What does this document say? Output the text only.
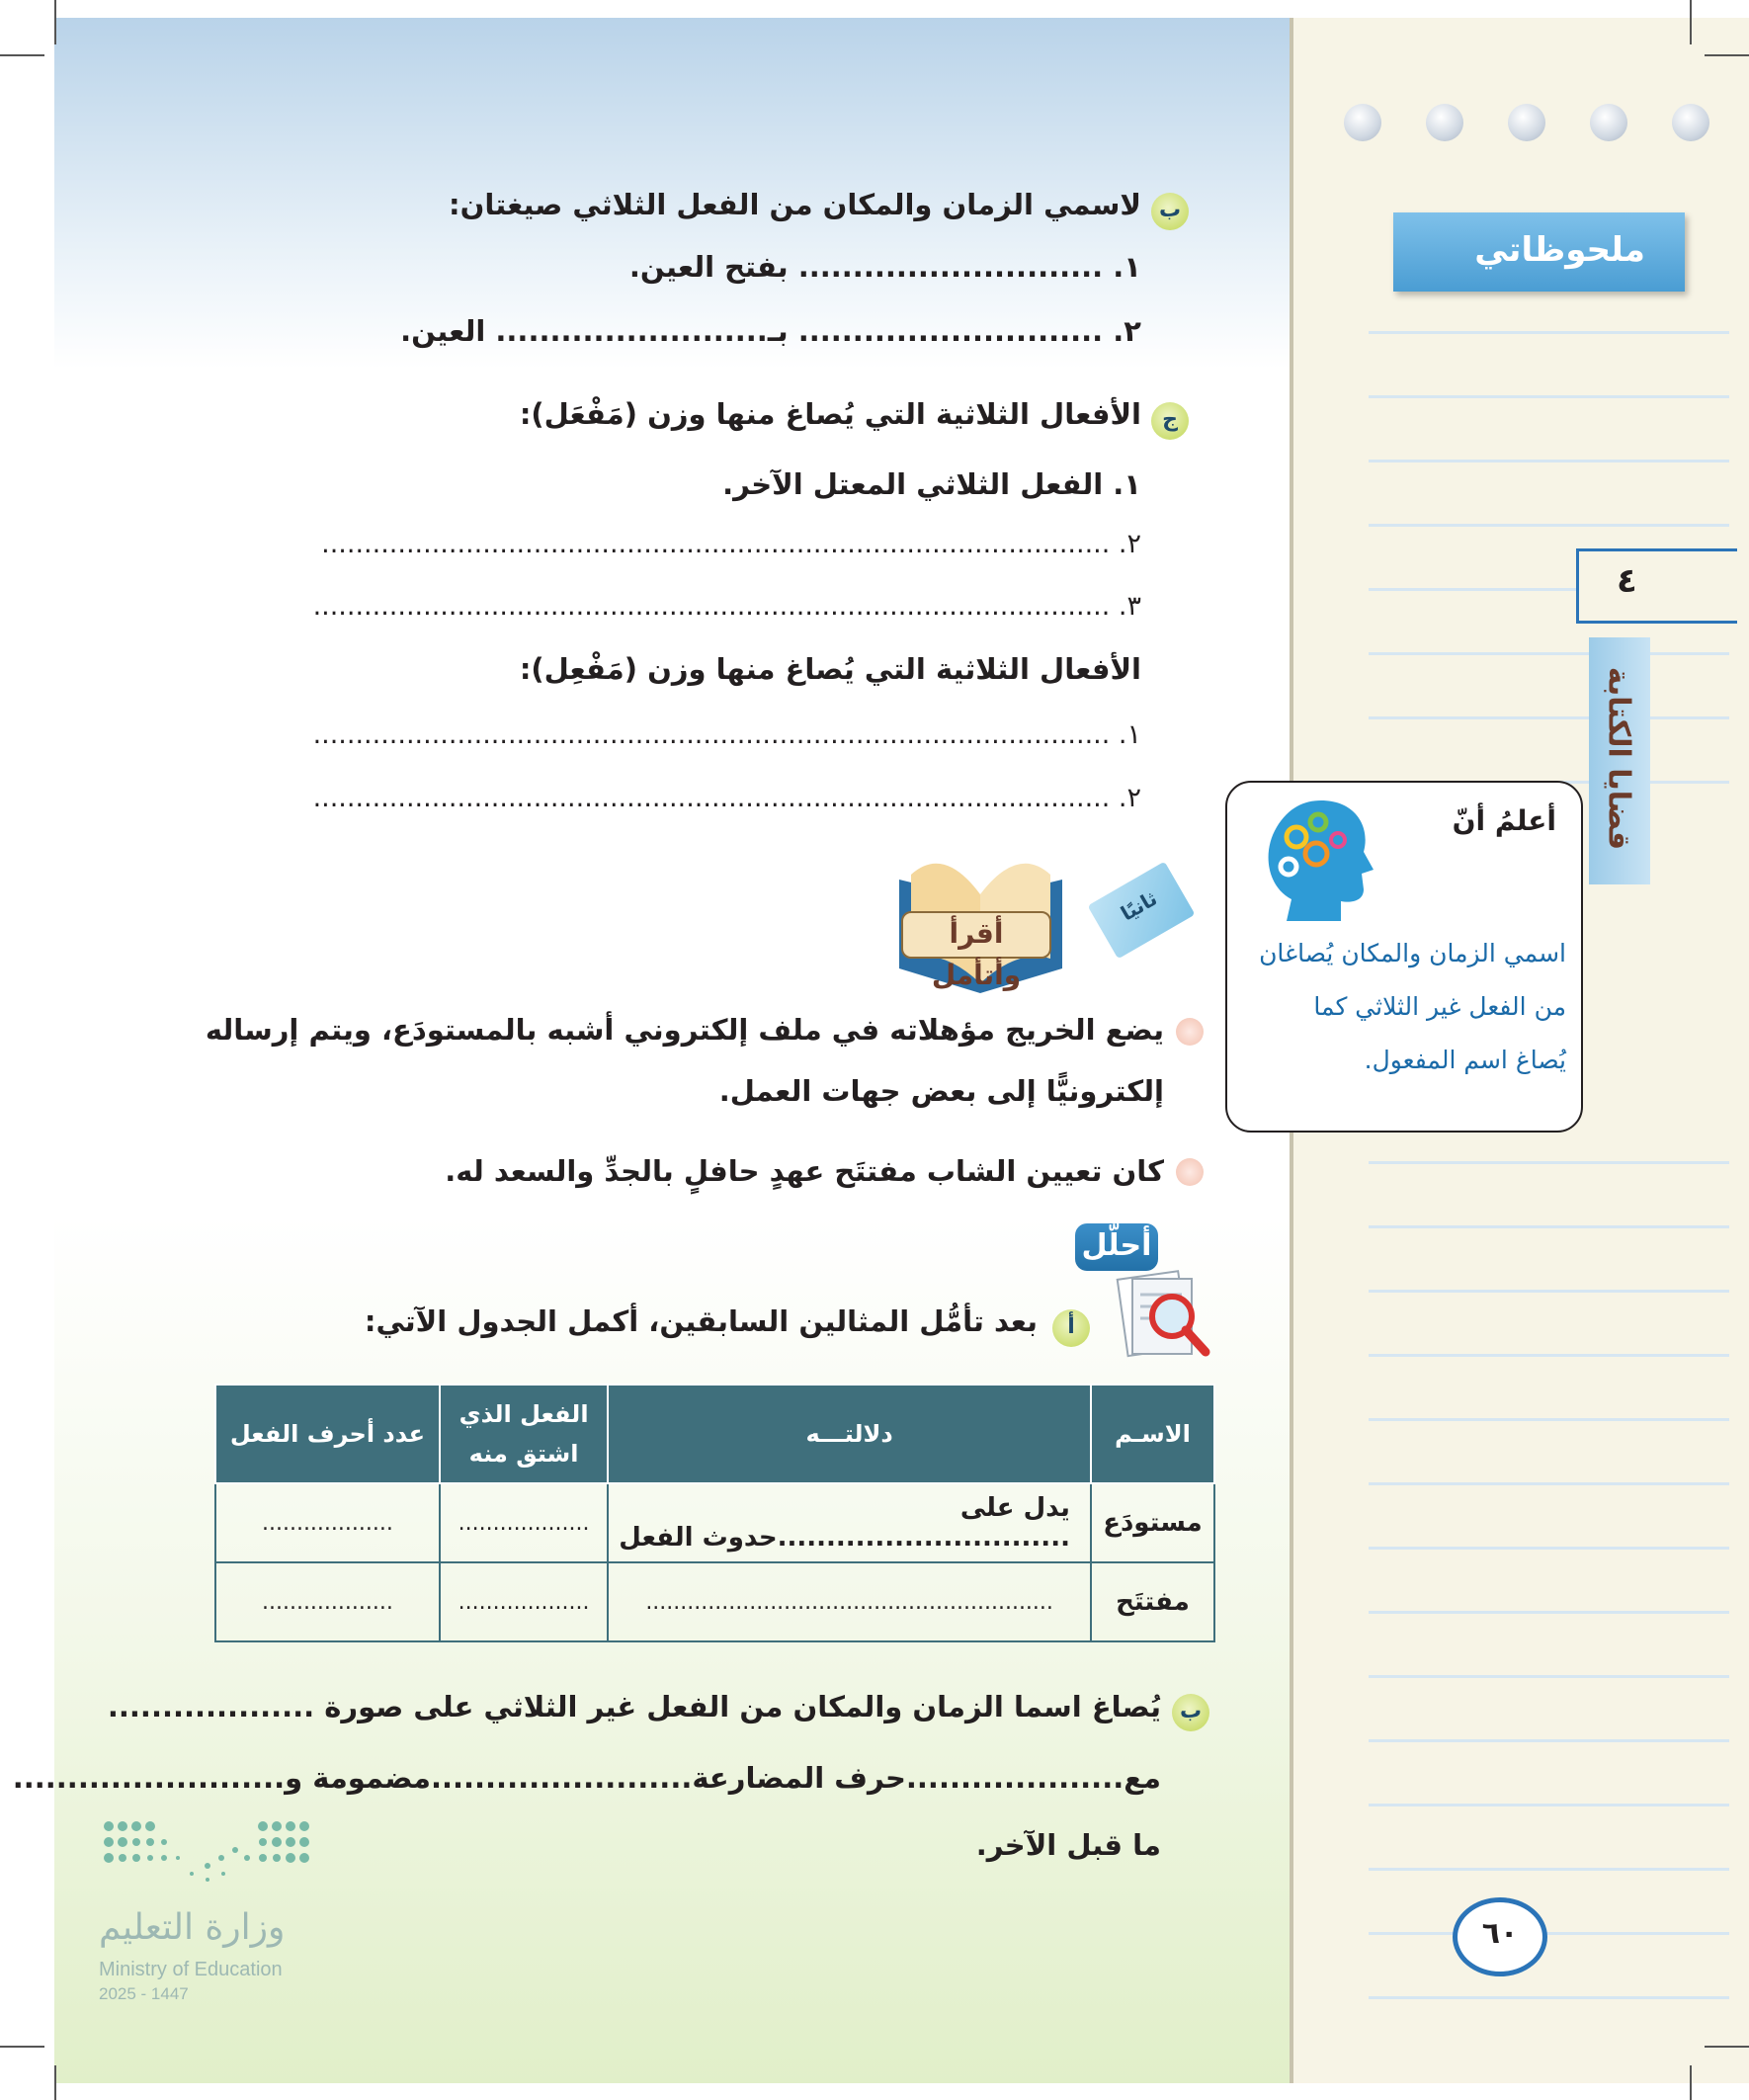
ملحوظاتي
٤
قضايا الكتابة
أعلمُ أنّ
اسمي الزمان والمكان يُصاغان
من الفعل غير الثلاثي كما
يُصاغ اسم المفعول.
٦٠
ب
لاسمي الزمان والمكان من الفعل الثلاثي صيغتان:
١. ............................ بفتح العين.
٢. ............................ بـ......................... العين.
ج
الأفعال الثلاثية التي يُصاغ منها وزن (مَفْعَل):
١. الفعل الثلاثي المعتل الآخر.
٢. .............................................................................................
٣. ..............................................................................................
الأفعال الثلاثية التي يُصاغ منها وزن (مَفْعِل):
١. ..............................................................................................
٢. ..............................................................................................
ثانيًا
أقرأ وأتأمل
يضع الخريج مؤهلاته في ملف إلكتروني أشبه بالمستودَع، ويتم إرساله
إلكترونيًّا إلى بعض جهات العمل.
كان تعيين الشاب مفتتَح عهدٍ حافلٍ بالجدِّ والسعد له.
أحلّل
أ
بعد تأمُّل المثالين السابقين، أكمل الجدول الآتي:
الاسـم	دلالتـــه	الفعل الذي اشتق منه	عدد أحرف الفعل
مستودَع	يدل على ..............................حدوث الفعل	...................	...................
مفتتَح	...........................................................	...................	...................
ب
يُصاغ اسما الزمان والمكان من الفعل غير الثلاثي على صورة ...................
مع....................حرف المضارعة........................مضمومة و.........................
ما قبل الآخر.
وزارة التعليم
Ministry of Education
2025 - 1447
